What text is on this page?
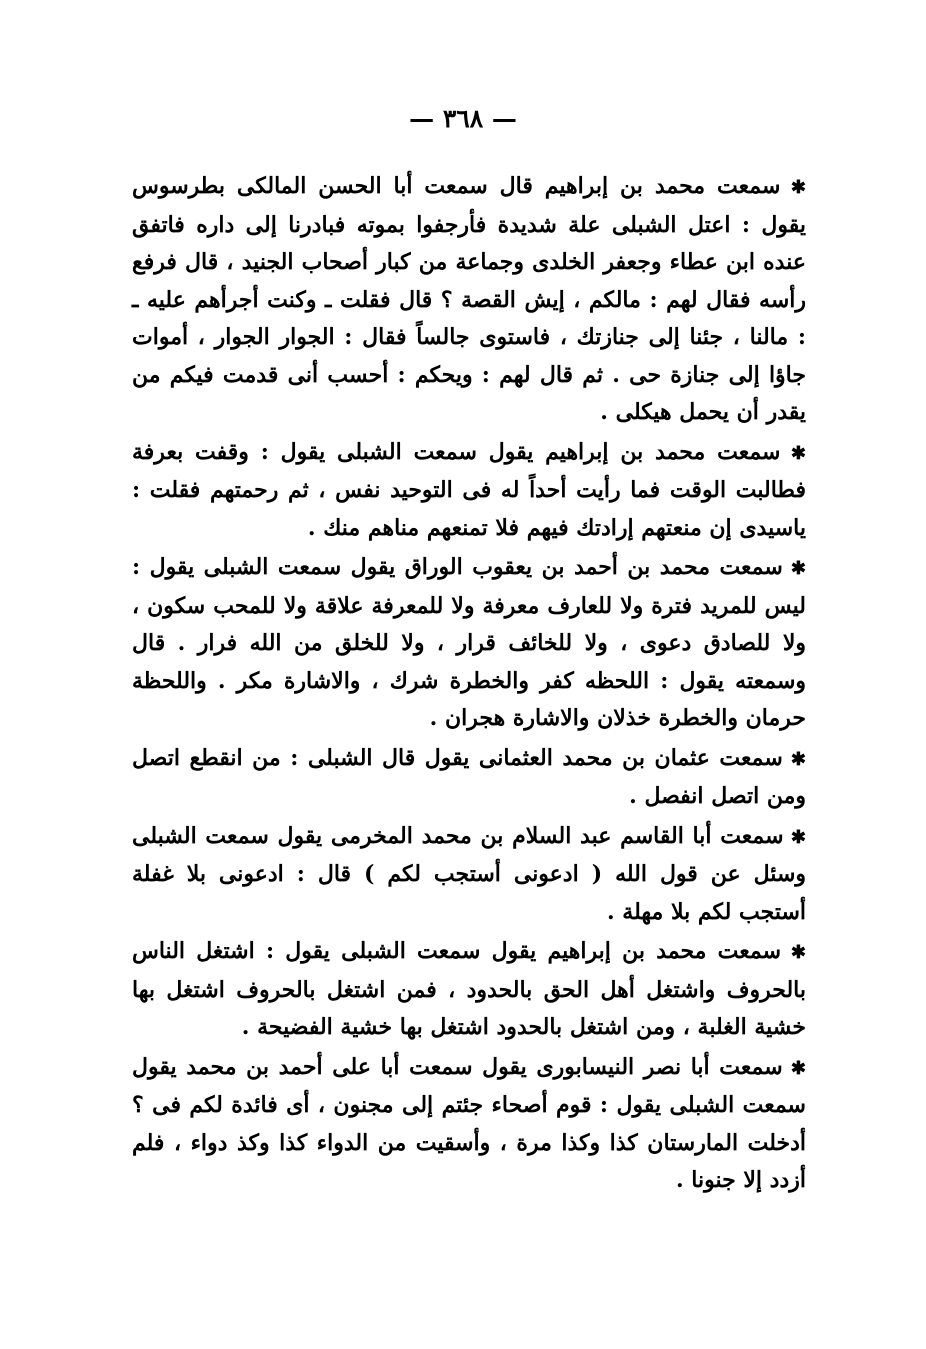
— ٣٦٨ —

✱ سمعت محمد بن إبراهيم قال سمعت أبا الحسن المالكى بطرسوس يقول : اعتل الشبلى علة شديدة فأرجفوا بموته فبادرنا إلى داره فاتفق عنده ابن عطاء وجعفر الخلدى وجماعة من كبار أصحاب الجنيد ، قال فرفع رأسه فقال لهم : مالكم ، إيش القصة ؟ قال فقلت ـ وكنت أجرأهم عليه ـ : مالنا ، جئنا إلى جنازتك ، فاستوى جالساً فقال : الجوار الجوار ، أموات جاؤا إلى جنازة حى . ثم قال لهم : ويحكم : أحسب أنى قدمت فيكم من يقدر أن يحمل هيكلى .

✱ سمعت محمد بن إبراهيم يقول سمعت الشبلى يقول : وقفت بعرفة فطالبت الوقت فما رأيت أحداً له فى التوحيد نفس ، ثم رحمتهم فقلت : ياسيدى إن منعتهم إرادتك فيهم فلا تمنعهم مناهم منك .

✱ سمعت محمد بن أحمد بن يعقوب الوراق يقول سمعت الشبلى يقول : ليس للمريد فترة ولا للعارف معرفة ولا للمعرفة علاقة ولا للمحب سكون ، ولا للصادق دعوى ، ولا للخائف قرار ، ولا للخلق من الله فرار . قال وسمعته يقول : اللحظه كفر والخطرة شرك ، والاشارة مكر . واللحظة حرمان والخطرة خذلان والاشارة هجران .

✱ سمعت عثمان بن محمد العثمانى يقول قال الشبلى : من انقطع اتصل ومن اتصل انفصل .

✱ سمعت أبا القاسم عبد السلام بن محمد المخرمى يقول سمعت الشبلى وسئل عن قول الله ( ادعونى أستجب لكم ) قال : ادعونى بلا غفلة أستجب لكم بلا مهلة .

✱ سمعت محمد بن إبراهيم يقول سمعت الشبلى يقول : اشتغل الناس بالحروف واشتغل أهل الحق بالحدود ، فمن اشتغل بالحروف اشتغل بها خشية الغلبة ، ومن اشتغل بالحدود اشتغل بها خشية الفضيحة .

✱ سمعت أبا نصر النيسابورى يقول سمعت أبا على أحمد بن محمد يقول سمعت الشبلى يقول : قوم أصحاء جئتم إلى مجنون ، أى فائدة لكم فى ؟ أدخلت المارستان كذا وكذا مرة ، وأسقيت من الدواء كذا وكذ دواء ، فلم أزدد إلا جنونا .
